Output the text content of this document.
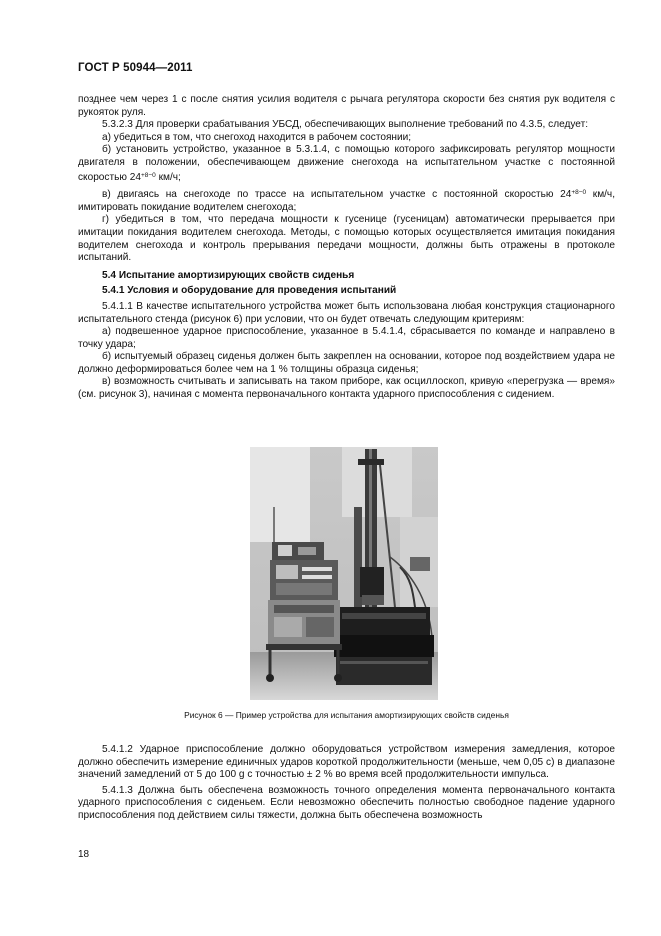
ГОСТ Р 50944—2011

позднее чем через 1 с после снятия усилия водителя с рычага регулятора скорости без снятия рук водителя с рукояток руля.

5.3.2.3 Для проверки срабатывания УБСД, обеспечивающих выполнение требований по 4.3.5, следует:

а) убедиться в том, что снегоход находится в рабочем состоянии;

б) установить устройство, указанное в 5.3.1.4, с помощью которого зафиксировать регулятор мощности двигателя в положении, обеспечивающем движение снегохода на испытательном участке с постоянной скоростью $24^{+8-0}$ км/ч;

в) двигаясь на снегоходе по трассе на испытательном участке с постоянной скоростью $24^{+8-0}$ км/ч, имитировать покидание водителем снегохода;

г) убедиться в том, что передача мощности к гусенице (гусеницам) автоматически прерывается при имитации покидания водителем снегохода. Методы, с помощью которых осуществляется имитация покидания водителем снегохода и контроль прерывания передачи мощности, должны быть отражены в протоколе испытаний.

5.4 Испытание амортизирующих свойств сиденья

5.4.1 Условия и оборудование для проведения испытаний

5.4.1.1 В качестве испытательного устройства может быть использована любая конструкция стационарного испытательного стенда (рисунок 6) при условии, что он будет отвечать следующим критериям:

а) подвешенное ударное приспособление, указанное в 5.4.1.4, сбрасывается по команде и направлено в точку удара;

б) испытуемый образец сиденья должен быть закреплен на основании, которое под воздействием удара не должно деформироваться более чем на 1 % толщины образца сиденья;

в) возможность считывать и записывать на таком приборе, как осциллоскоп, кривую «перегрузка — время» (см. рисунок 3), начиная с момента первоначального контакта ударного приспособления с сидением.

Рисунок 6 — Пример устройства для испытания амортизирующих свойств сиденья

5.4.1.2 Ударное приспособление должно оборудоваться устройством измерения замедления, которое должно обеспечить измерение единичных ударов короткой продолжительности (меньше, чем 0,05 с) в диапазоне значений замедлений от 5 до 100 g с точностью ± 2 % во время всей продолжительности импульса.

5.4.1.3 Должна быть обеспечена возможность точного определения момента первоначального контакта ударного приспособления с сиденьем. Если невозможно обеспечить полностью свободное падение ударного приспособления под действием силы тяжести, должна быть обеспечена возможность

18
